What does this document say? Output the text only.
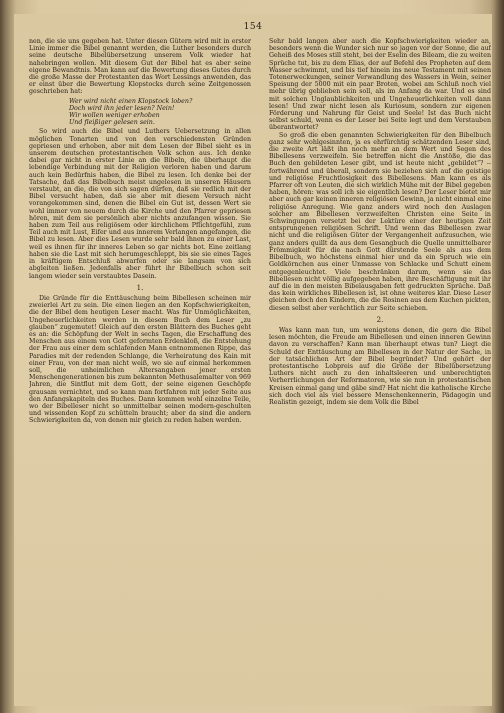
154

nen, die sie uns gegeben hat. Unter diesen Gütern wird mit in erster Linie immer die Bibel genannt werden, die Luther besonders durch seine deutsche Bibelübersetzung unserem Volk wieder hat nahebringen wollen. Mit diesem Gut der Bibel hat es aber seine eigene Bewandtnis. Man kann auf die Bewertung dieses Gutes durch die große Masse der Protestanten das Wort Lessings anwenden, das er einst über die Bewertung Klopstocks durch seine Zeitgenossen geschrieben hat:

Wer wird nicht einen Klopstock loben?
Doch wird ihn jeder lesen? Nein!
Wir wollen weniger erhoben
Und fleißiger gelesen sein.

So wird auch die Bibel und Luthers Uebersetzung in allen möglichen Tonarten und von den verschiedensten Gründen gepriesen und erhoben, aber mit dem Lesen der Bibel sieht es in unserem deutschen protestantischen Volk schon aus. Ich denke dabei gar nicht in erster Linie an die Bibeln, die überhaupt die lebendige Verbindung mit der Religion verloren haben und darum auch kein Bedürfnis haben, die Bibel zu lesen. Ich denke bei der Tatsache, daß das Bibelbuch meist ungelesen in unseren Häusern verstaubt, an die, die von sich sagen dürfen, daß sie redlich mit der Bibel versucht haben, daß sie aber mit diesem Versuch nicht vorangekommen sind, denen die Bibel ein Gut ist, dessen Wert sie wohl immer von neuem durch die Kirche und den Pfarrer gepriesen hören, mit dem sie persönlich aber nichts anzufangen wissen. Sie haben zum Teil aus religiösem oder kirchlichem Pflichtgefühl, zum Teil auch mit Lust, Eifer und aus innerem Verlangen angefangen, die Bibel zu lesen. Aber dies Lesen wurde sehr bald ihnen zu einer Last, weil es ihnen für ihr inneres Leben so gar nichts bot. Eine zeitlang haben sie die Last mit sich herumgeschleppt, bis sie sie eines Tages in kräftigem Entschluß abwarfen oder sie langsam von sich abgleiten ließen. Jedenfalls aber führt ihr Bibelbuch schon seit langem wieder sein verstaubtes Dasein.

1.

Die Gründe für die Enttäuschung beim Bibellesen scheinen mir zweierlei Art zu sein. Die einen liegen an den Kopfschwierigkeiten, die der Bibel dem heutigen Leser macht. Was für Unmöglichkeiten, Ungeheuerlichkeiten werden in diesem Buch dem Leser „zu glauben“ zugemutet! Gleich auf den ersten Blättern des Buches geht es an: die Schöpfung der Welt in sechs Tagen, die Erschaffung des Menschen aus einem von Gott geformten Erdenkloß, die Entstehung der Frau aus einer dem schlafenden Mann entnommenen Rippe, das Paradies mit der redenden Schlange, die Verheiratung des Kain mit einer Frau, von der man nicht weiß, wo sie auf einmal herkommen soll, die unheimlichen Altersangaben jener ersten Menschengenerationen bis zum bekannten Methusalemalter von 969 Jahren, die Sintflut mit dem Gott, der seine eigenen Geschöpfe grausam vernichtet, und so kann man fortfahren mit jeder Seite aus den Anfangskapiteln des Buches. Dann kommen wohl einzelne Teile, wo der Bibelleser nicht so unmittelbar seinen modern-geschulten und wissenden Kopf zu schütteln braucht; aber da sind die andern Schwierigkeiten da, von denen mir gleich zu reden haben werden.

Sehr bald langen aber auch die Kopfschwierigkeiten wieder an, besonders wenn die Wunder sich nur so jagen vor der Sonne, die auf Geheiß des Moses still steht, bei der Eselin des Bileam, die zu weiten Sprüche tut, bis zu dem Elias, der auf Befehl des Propheten auf dem Wasser schwimmt, und bis tief hinein ins neue Testament mit seinen Totenerweckungen, seiner Verwandlung des Wassers in Wein, seiner Speisung der 5000 mit ein paar Broten, wobei am Schluß noch viel mehr übrig geblieben sein soll, als im Anfang da war. Und es sind mit solchen Unglaublichkeiten und Ungeheuerlichkeiten voll dann lesen! Und zwar nicht lesen als Kuriosum, sondern zur eigenen Förderung und Nahrung für Geist und Seele! Ist das Buch nicht selbst schuld, wenn es der Leser bei Seite legt und dem Verstauben überantwortet?

So groß die eben genannten Schwierigkeiten für den Bibelbuch ganz sehr wohlgesinnten, ja es ehrfürchtig schätzenden Leser sind, die zweite Art läßt ihn noch mehr an dem Wert und Segen des Bibellesens verzweifeln. Sie betreffen nicht die Anstöße, die das Buch den gebildeten Leser gibt, und ist heute nicht „gebildet“? -- fortwährend und überall, sondern sie beziehen sich auf die geistige und religiöse Fruchtlosigkeit des Bibellesens. Man kann es als Pfarrer oft von Leuten, die sich wirklich Mühe mit der Bibel gegeben haben, hören: was soll ich sie eigentlich lesen? Der Leser bietet mir aber auch gar keinen inneren religiösen Gewinn, ja nicht einmal eine religiöse Anregung. Wie ganz anders wird noch den Auslagen solcher am Bibellesen verzweifelten Christen eine Seite in Schwingungen versetzt bei der Lektüre einer der heutigen Zeit entsprungenen religiösen Schrift. Und wenn das Bibellesen zwar nicht und die religiösen Güter der Vergangenheit aufzusuchen, wie ganz anders quillt da aus dem Gesangbuch die Quelle unmittelbarer Frömmigkeit für die nach Gott dürstende Seele als aus dem Bibelbuch, wo höchstens einmal hier und da ein Spruch wie ein Goldkörnchen aus einer Unmasse von Schlacke und Schutt einem entgegenleuchtet. Viele beschränken darum, wenn sie das Bibellesen nicht völlig aufgegeben haben, ihre Beschäftigung mit ihr auf die in den meisten Bibelausgaben fett gedruckten Sprüche. Daß das kein wirkliches Bibellesen ist, ist ohne weiteres klar. Diese Leser gleichen doch den Kindern, die die Rosinen aus dem Kuchen pickten, diesen selbst aber verächtlich zur Seite schieben.

2.

Was kann man tun, um wenigstens denen, die gern die Bibel lesen möchten, die Freude am Bibellesen und einen inneren Gewinn davon zu verschaffen? Kann man überhaupt etwas tun? Liegt die Schuld der Enttäuschung am Bibellesen in der Natur der Sache, in der tatsächlichen Art der Bibel begründet? Und gehört der protestantische Lobpreis auf die Größe der Bibelübersetzung Luthers nicht auch zu den inhaltsleeren und unberechtigten Verherrlichungen der Reformatoren, wie sie nun in protestantischen Kreisen einmal gang und gäbe sind? Hat nicht die katholische Kirche sich doch viel als viel bessere Menschenkennerin, Pädagogin und Realistin gezeigt, indem sie dem Volk die Bibel
